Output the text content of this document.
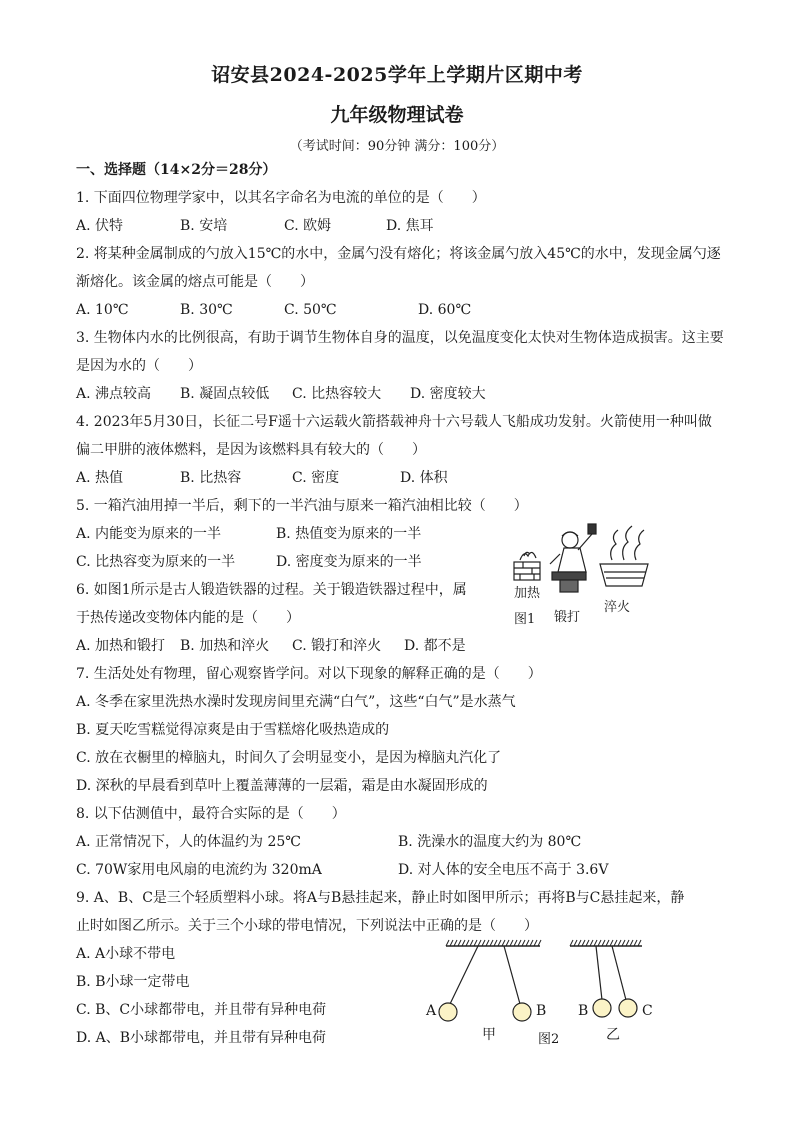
诏安县2024-2025学年上学期片区期中考
九年级物理试卷
（考试时间：90分钟 满分：100分）
一、选择题（14×2分＝28分）
1. 下面四位物理学家中，以其名字命名为电流的单位的是（　　）
A. 伏特	B. 安培	C. 欧姆	D. 焦耳
2. 将某种金属制成的勺放入15℃的水中，金属勺没有熔化；将该金属勺放入45℃的水中，发现金属勺逐
渐熔化。该金属的熔点可能是（　　）
A. 10℃	B. 30℃	C. 50℃	D. 60℃
3. 生物体内水的比例很高，有助于调节生物体自身的温度，以免温度变化太快对生物体造成损害。这主要
是因为水的（　　）
A. 沸点较高 B. 凝固点较低 C. 比热容较大 D. 密度较大
4. 2023年5月30日，长征二号F遥十六运载火箭搭载神舟十六号载人飞船成功发射。火箭使用一种叫做
偏二甲肼的液体燃料，是因为该燃料具有较大的（　　）
A. 热值	B. 比热容	C. 密度	D. 体积
5. 一箱汽油用掉一半后，剩下的一半汽油与原来一箱汽油相比较（　　）
A. 内能变为原来的一半	B. 热值变为原来的一半
C. 比热容变为原来的一半	D. 密度变为原来的一半
6. 如图1所示是古人锻造铁器的过程。关于锻造铁器过程中，属
于热传递改变物体内能的是（　　）
A. 加热和锻打 B. 加热和淬火 C. 锻打和淬火 D. 都不是
加热
锻打
淬火
图1
7. 生活处处有物理，留心观察皆学问。对以下现象的解释正确的是（　　）
A. 冬季在家里洗热水澡时发现房间里充满“白气”，这些“白气”是水蒸气
B. 夏天吃雪糕觉得凉爽是由于雪糕熔化吸热造成的
C. 放在衣橱里的樟脑丸，时间久了会明显变小，是因为樟脑丸汽化了
D. 深秋的早晨看到草叶上覆盖薄薄的一层霜，霜是由水凝固形成的
8. 以下估测值中，最符合实际的是（　　）
A. 正常情况下，人的体温约为 25℃	B. 洗澡水的温度大约为 80℃
C. 70W家用电风扇的电流约为 320mA	D. 对人体的安全电压不高于 3.6V
9. A、B、C是三个轻质塑料小球。将A与B悬挂起来，静止时如图甲所示；再将B与C悬挂起来，静
止时如图乙所示。关于三个小球的带电情况，下列说法中正确的是（　　）
A. A小球不带电
B. B小球一定带电
C. B、C小球都带电，并且带有异种电荷
D. A、B小球都带电，并且带有异种电荷
A	B B	C
甲	图2	乙
